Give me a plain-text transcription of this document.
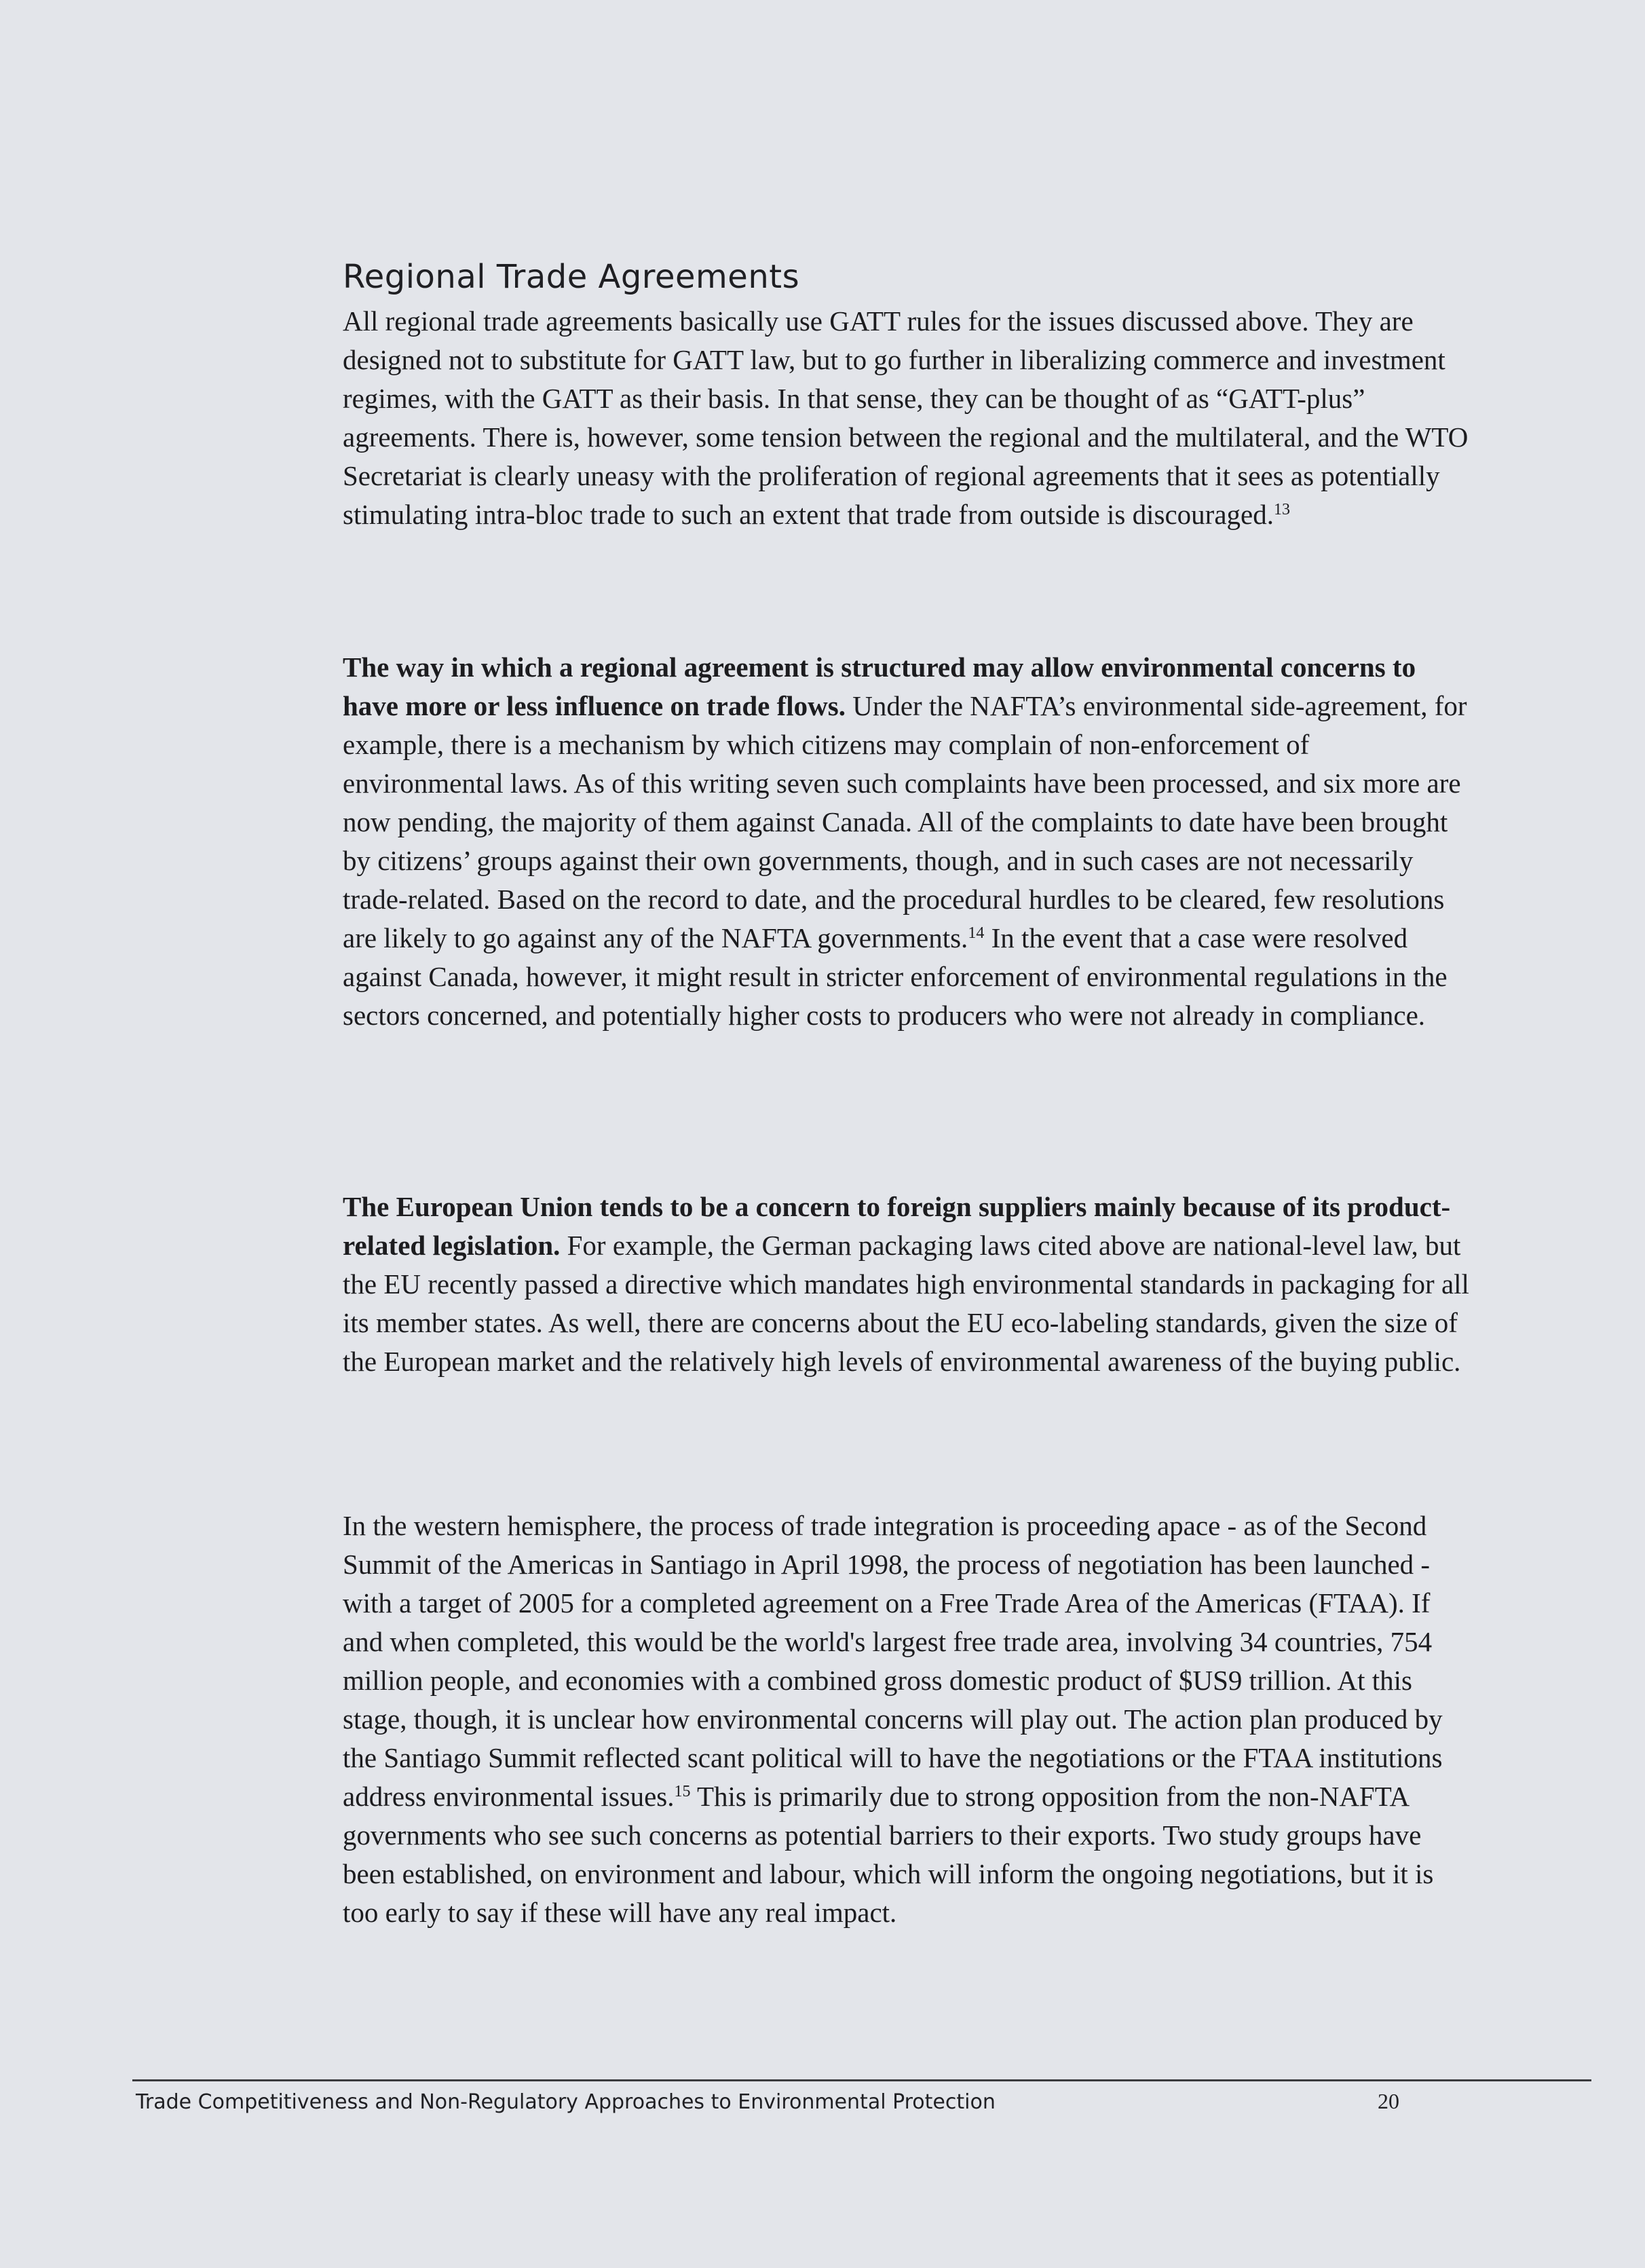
Regional Trade Agreements

All regional trade agreements basically use GATT rules for the issues discussed above. They are designed not to substitute for GATT law, but to go further in liberalizing commerce and investment regimes, with the GATT as their basis. In that sense, they can be thought of as “GATT-plus” agreements. There is, however, some tension between the regional and the multilateral, and the WTO Secretariat is clearly uneasy with the proliferation of regional agreements that it sees as potentially stimulating intra-bloc trade to such an extent that trade from outside is discouraged.$^{13}$

The way in which a regional agreement is structured may allow environmental concerns to have more or less influence on trade flows. Under the NAFTA’s environmental side-agreement, for example, there is a mechanism by which citizens may complain of non-enforcement of environmental laws. As of this writing seven such complaints have been processed, and six more are now pending, the majority of them against Canada. All of the complaints to date have been brought by citizens’ groups against their own governments, though, and in such cases are not necessarily trade-related. Based on the record to date, and the procedural hurdles to be cleared, few resolutions are likely to go against any of the NAFTA governments.$^{14}$ In the event that a case were resolved against Canada, however, it might result in stricter enforcement of environmental regulations in the sectors concerned, and potentially higher costs to producers who were not already in compliance.

The European Union tends to be a concern to foreign suppliers mainly because of its product-related legislation. For example, the German packaging laws cited above are national-level law, but the EU recently passed a directive which mandates high environmental standards in packaging for all its member states. As well, there are concerns about the EU eco-labeling standards, given the size of the European market and the relatively high levels of environmental awareness of the buying public.

In the western hemisphere, the process of trade integration is proceeding apace - as of the Second Summit of the Americas in Santiago in April 1998, the process of negotiation has been launched - with a target of 2005 for a completed agreement on a Free Trade Area of the Americas (FTAA). If and when completed, this would be the world's largest free trade area, involving 34 countries, 754 million people, and economies with a combined gross domestic product of $US9 trillion. At this stage, though, it is unclear how environmental concerns will play out. The action plan produced by the Santiago Summit reflected scant political will to have the negotiations or the FTAA institutions address environmental issues.$^{15}$ This is primarily due to strong opposition from the non-NAFTA governments who see such concerns as potential barriers to their exports. Two study groups have been established, on environment and labour, which will inform the ongoing negotiations, but it is too early to say if these will have any real impact.

Trade Competitiveness and Non-Regulatory Approaches to Environmental Protection	20
